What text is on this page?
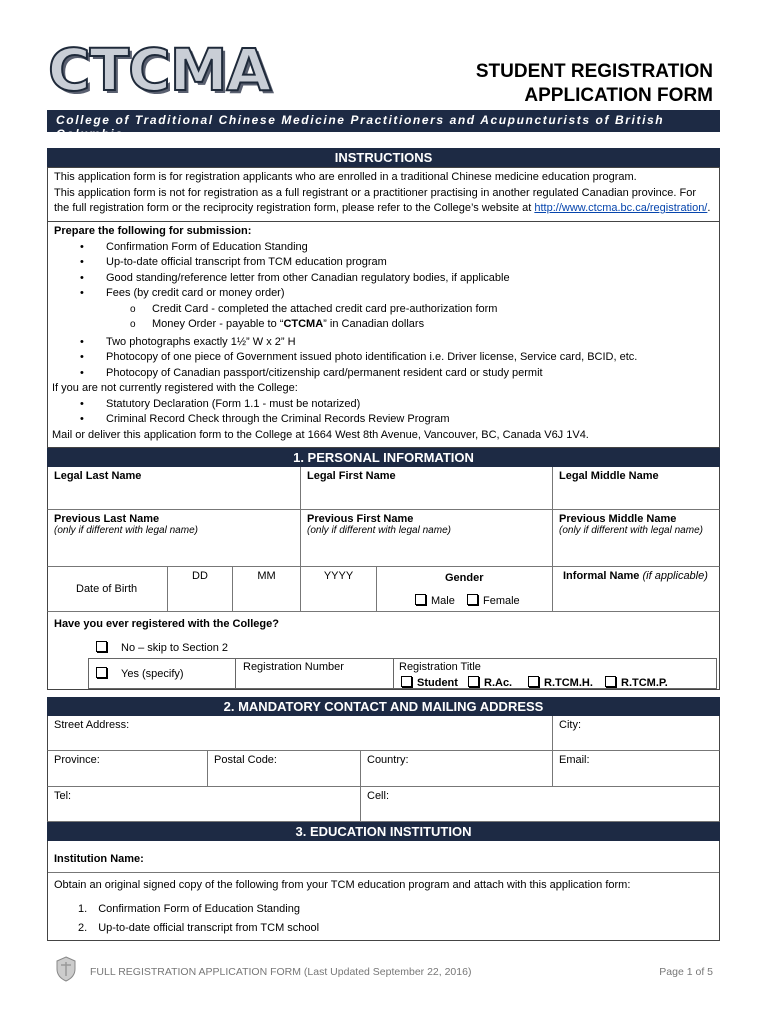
CTCMA	STUDENT REGISTRATION
APPLICATION FORM
College of Traditional Chinese Medicine Practitioners and Acupuncturists of British Columbia
INSTRUCTIONS
This application form is for registration applicants who are enrolled in a traditional Chinese medicine education program.
This application form is not for registration as a full registrant or a practitioner practising in another regulated Canadian province. For the full registration form or the reciprocity registration form, please refer to the College’s website at http://www.ctcma.bc.ca/registration/.
Prepare the following for submission:
• Confirmation Form of Education Standing
• Up-to-date official transcript from TCM education program
• Good standing/reference letter from other Canadian regulatory bodies, if applicable
• Fees (by credit card or money order)
o Credit Card - completed the attached credit card pre-authorization form
o Money Order - payable to “CTCMA” in Canadian dollars
• Two photographs exactly 1½” W x 2” H
• Photocopy of one piece of Government issued photo identification i.e. Driver license, Service card, BCID, etc.
• Photocopy of Canadian passport/citizenship card/permanent resident card or study permit
If you are not currently registered with the College:
• Statutory Declaration (Form 1.1 - must be notarized)
• Criminal Record Check through the Criminal Records Review Program
Mail or deliver this application form to the College at 1664 West 8th Avenue, Vancouver, BC, Canada V6J 1V4.
1. PERSONAL INFORMATION
Legal Last Name	Legal First Name	Legal Middle Name
Previous Last Name
(only if different with legal name)
Previous First Name
(only if different with legal name)
Previous Middle Name
(only if different with legal name)
Date of Birth
DD	MM	YYYY	Gender
Male	Female
Informal Name (if applicable)
Have you ever registered with the College?
No – skip to Section 2
Yes (specify)
Registration Number	Registration Title
Student	R.Ac.	R.TCM.H.	R.TCM.P.
2. MANDATORY CONTACT AND MAILING ADDRESS
Street Address:	City:
Province:	Postal Code:	Country:	Email:
Tel:	Cell:
3. EDUCATION INSTITUTION
Institution Name:
Obtain an original signed copy of the following from your TCM education program and attach with this application form:
1. Confirmation Form of Education Standing
2. Up-to-date official transcript from TCM school
FULL REGISTRATION APPLICATION FORM (Last Updated September 22, 2016)	Page 1 of 5
